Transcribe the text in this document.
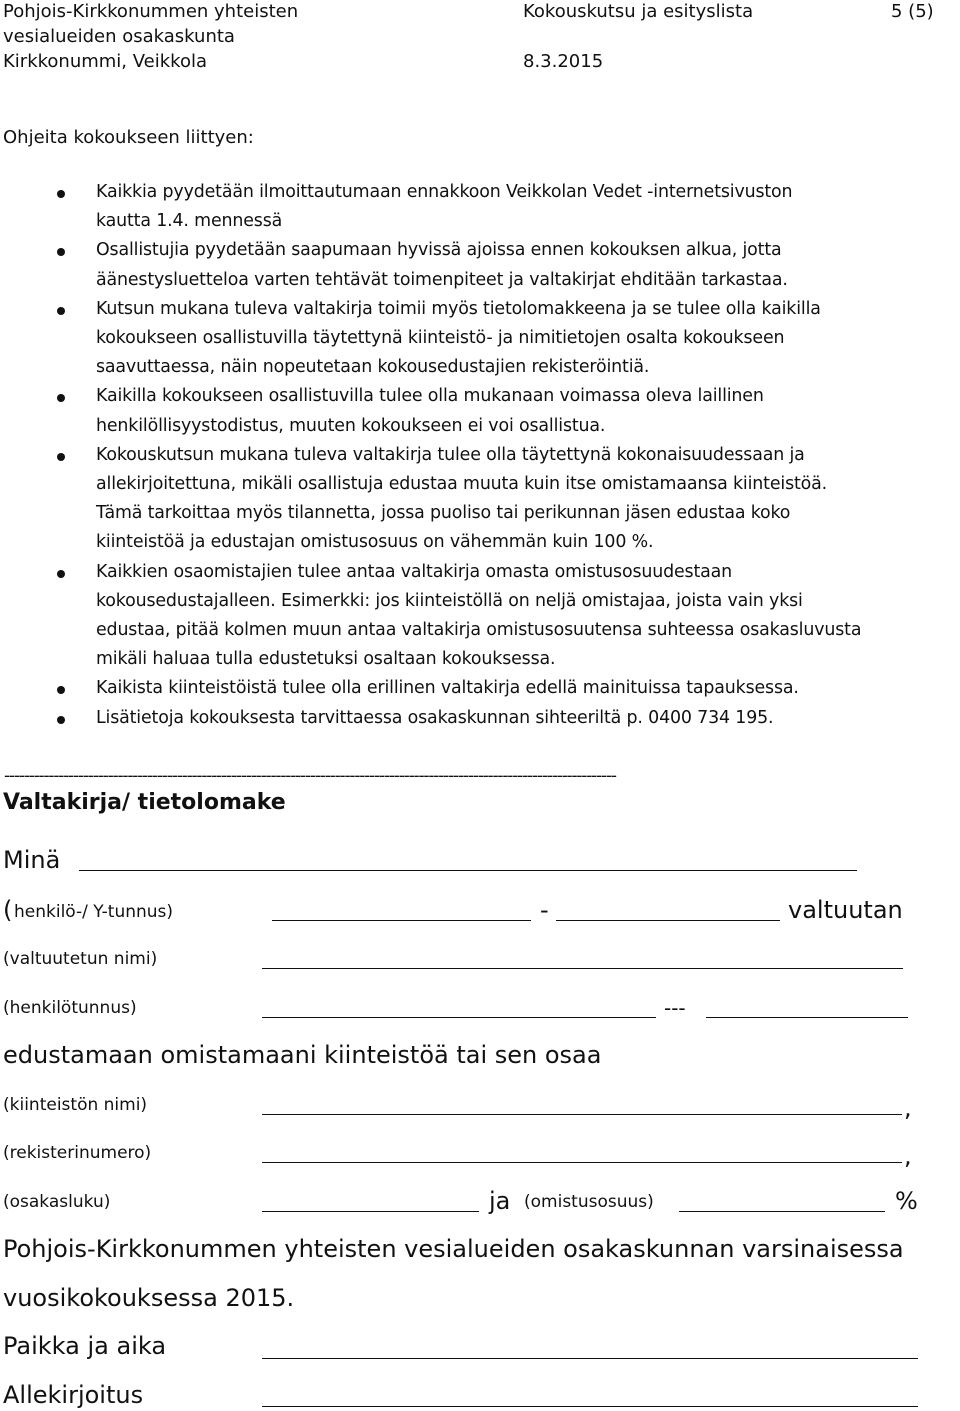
Pohjois-Kirkkonummen yhteisten
vesialueiden osakaskunta
Kirkkonummi, Veikkola
Kokouskutsu ja esityslista
8.3.2015
5 (5)
Ohjeita kokoukseen liittyen:
Kaikkia pyydetään ilmoittautumaan ennakkoon Veikkolan Vedet -internetsivuston
kautta 1.4. mennessä
Osallistujia pyydetään saapumaan hyvissä ajoissa ennen kokouksen alkua, jotta
äänestysluetteloa varten tehtävät toimenpiteet ja valtakirjat ehditään tarkastaa.
Kutsun mukana tuleva valtakirja toimii myös tietolomakkeena ja se tulee olla kaikilla
kokoukseen osallistuvilla täytettynä kiinteistö- ja nimitietojen osalta kokoukseen
saavuttaessa, näin nopeutetaan kokousedustajien rekisteröintiä.
Kaikilla kokoukseen osallistuvilla tulee olla mukanaan voimassa oleva laillinen
henkilöllisyystodistus, muuten kokoukseen ei voi osallistua.
Kokouskutsun mukana tuleva valtakirja tulee olla täytettynä kokonaisuudessaan ja
allekirjoitettuna, mikäli osallistuja edustaa muuta kuin itse omistamaansa kiinteistöä.
Tämä tarkoittaa myös tilannetta, jossa puoliso tai perikunnan jäsen edustaa koko
kiinteistöä ja edustajan omistusosuus on vähemmän kuin 100 %.
Kaikkien osaomistajien tulee antaa valtakirja omasta omistusosuudestaan
kokousedustajalleen. Esimerkki: jos kiinteistöllä on neljä omistajaa, joista vain yksi
edustaa, pitää kolmen muun antaa valtakirja omistusosuutensa suhteessa osakasluvusta
mikäli haluaa tulla edustetuksi osaltaan kokouksessa.
Kaikista kiinteistöistä tulee olla erillinen valtakirja edellä mainituissa tapauksessa.
Lisätietoja kokouksesta tarvittaessa osakaskunnan sihteeriltä p. 0400 734 195.
----------------------------------------------------------------------------------------------------------------------------
Valtakirja/ tietolomake
Minä
( henkilö-/ Y-tunnus)	-	valtuutan
(valtuutetun nimi)
(henkilötunnus)	---
edustamaan omistamaani kiinteistöä tai sen osaa
(kiinteistön nimi)	,
(rekisterinumero)	,
(osakasluku)	ja (omistusosuus)	%
Pohjois-Kirkkonummen yhteisten vesialueiden osakaskunnan varsinaisessa
vuosikokouksessa 2015.
Paikka ja aika
Allekirjoitus
